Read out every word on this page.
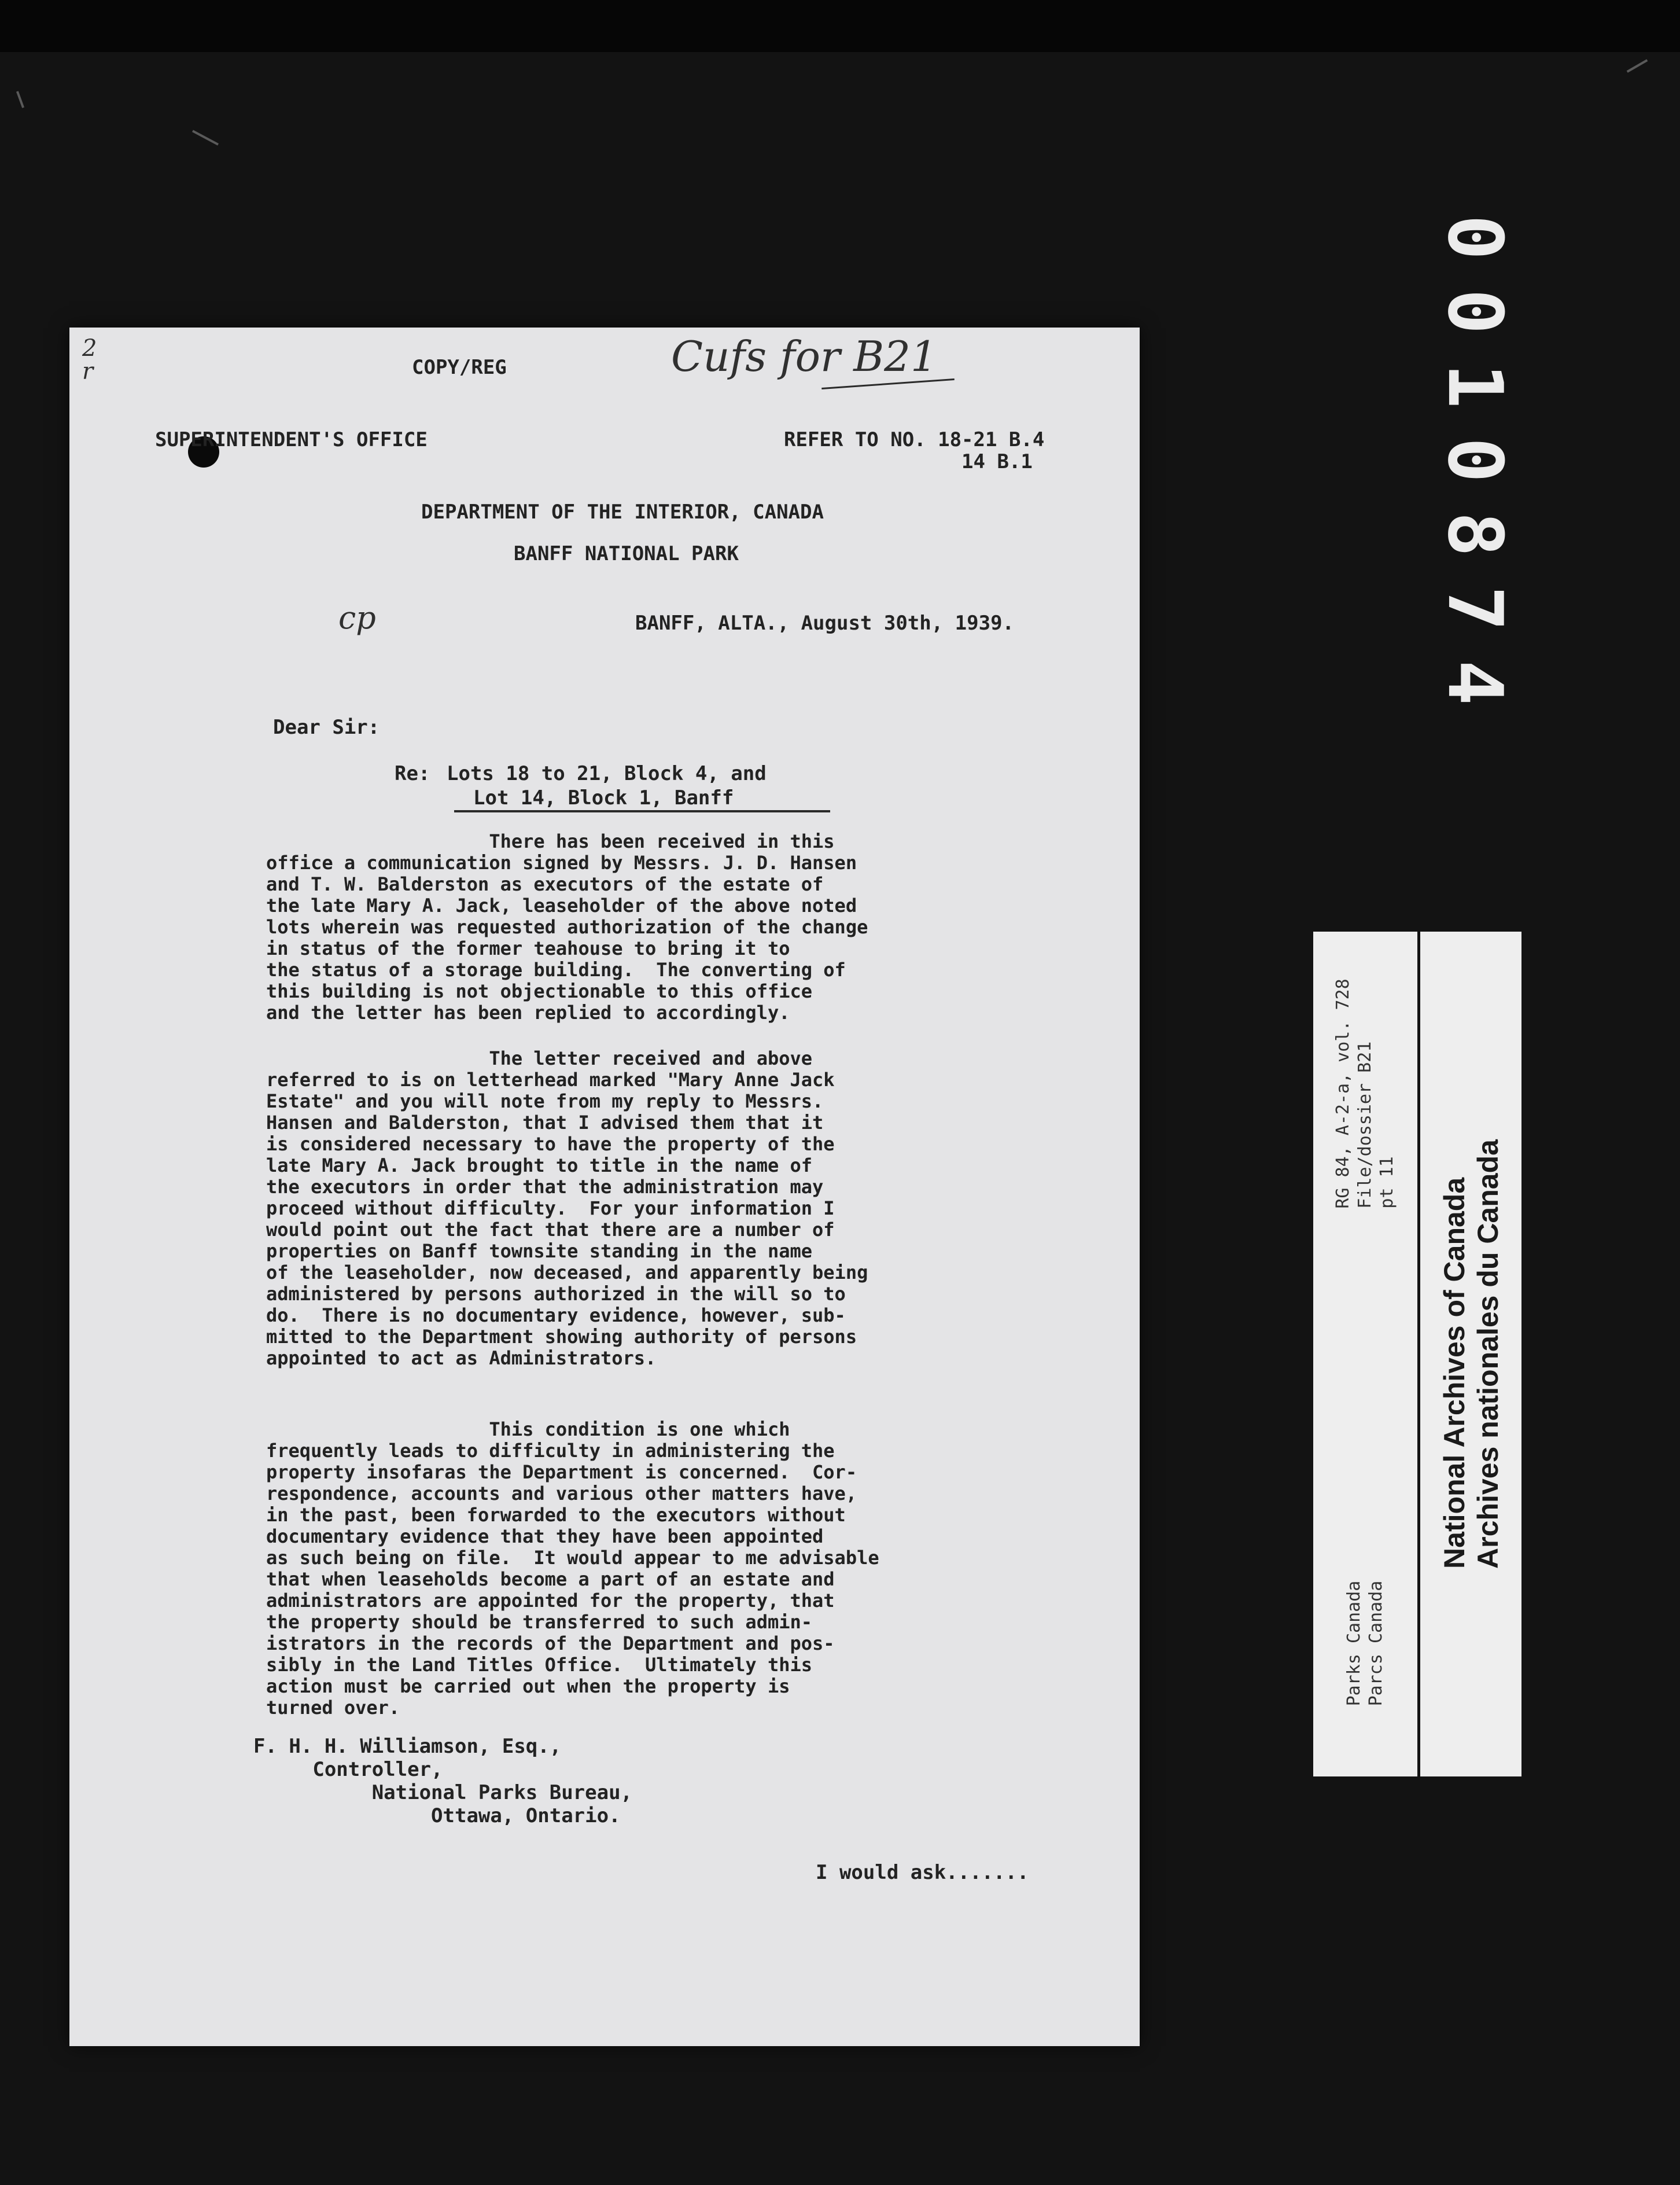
0010874
2
r	COPY/REG	Cufs for B21
SUPERINTENDENT'S OFFICE	REFER TO NO. 18-21 B.4
14 B.1
DEPARTMENT OF THE INTERIOR, CANADA
BANFF NATIONAL PARK
cp	BANFF, ALTA., August 30th, 1939.
Dear Sir:
Re: Lots 18 to 21, Block 4, and
Lot 14, Block 1, Banff
There has been received in this
office a communication signed by Messrs. J. D. Hansen
and T. W. Balderston as executors of the estate of
the late Mary A. Jack, leaseholder of the above noted
lots wherein was requested authorization of the change
in status of the former teahouse to bring it to
the status of a storage building.  The converting of
this building is not objectionable to this office
and the letter has been replied to accordingly.
The letter received and above
referred to is on letterhead marked "Mary Anne Jack
Estate" and you will note from my reply to Messrs.
Hansen and Balderston, that I advised them that it
is considered necessary to have the property of the
late Mary A. Jack brought to title in the name of
the executors in order that the administration may
proceed without difficulty.  For your information I
would point out the fact that there are a number of
properties on Banff townsite standing in the name
of the leaseholder, now deceased, and apparently being
administered by persons authorized in the will so to
do.  There is no documentary evidence, however, sub-
mitted to the Department showing authority of persons
appointed to act as Administrators.
This condition is one which
frequently leads to difficulty in administering the
property insofaras the Department is concerned.  Cor-
respondence, accounts and various other matters have,
in the past, been forwarded to the executors without
documentary evidence that they have been appointed
as such being on file.  It would appear to me advisable
that when leaseholds become a part of an estate and
administrators are appointed for the property, that
the property should be transferred to such admin-
istrators in the records of the Department and pos-
sibly in the Land Titles Office.  Ultimately this
action must be carried out when the property is
turned over.
F. H. H. Williamson, Esq.,
Controller,
National Parks Bureau,
Ottawa, Ontario.
I would ask.......
Parks Canada
Parcs Canada
RG 84, A-2-a, vol. 728
File/dossier B21
pt 11
National Archives of Canada
Archives nationales du Canada
